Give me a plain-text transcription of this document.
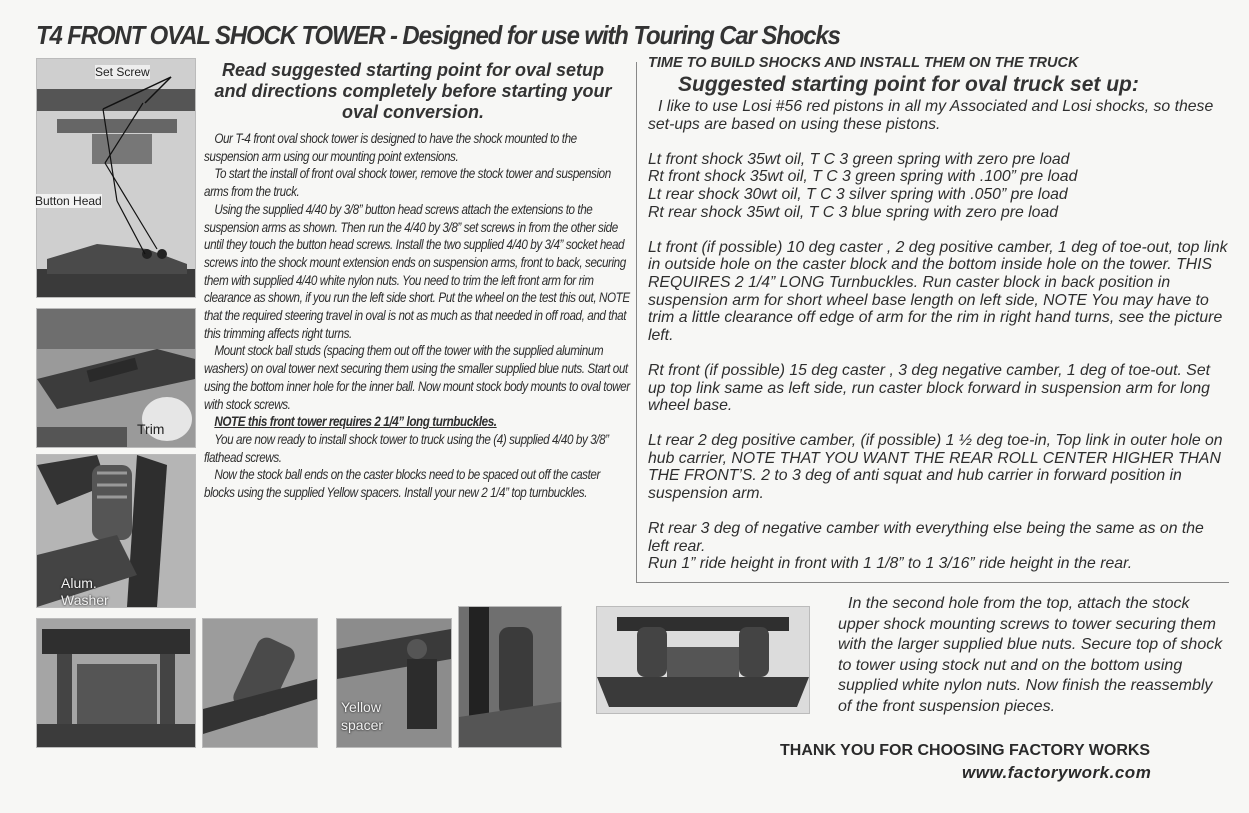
T4 FRONT OVAL SHOCK TOWER - Designed for use with Touring Car Shocks
Set Screw
Button Head
Trim
Alum.
Washer
Yellow
spacer
Read suggested starting point for oval setup and directions completely before starting your oval conversion.

Our T-4 front oval shock tower is designed to have the shock mounted to the suspension arm using our mounting point extensions.

To start the install of front oval shock tower, remove the stock tower and suspension arms from the truck.

Using the supplied 4/40 by 3/8” button head screws attach the extensions to the suspension arms as shown. Then run the 4/40 by 3/8” set screws in from the other side until they touch the button head screws. Install the two supplied 4/40 by 3/4” socket head screws into the shock mount extension ends on suspension arms, front to back, securing them with supplied 4/40 white nylon nuts. You need to trim the left front arm for rim clearance as shown, if you run the left side short. Put the wheel on the test this out, NOTE that the required steering travel in oval is not as much as that needed in off road, and that this trimming affects right turns.

Mount stock ball studs (spacing them out off the tower with the supplied aluminum washers) on oval tower next securing them using the smaller supplied blue nuts. Start out using the bottom inner hole for the inner ball. Now mount stock body mounts to oval tower with stock screws.

NOTE this front tower requires 2 1/4” long turnbuckles.

You are now ready to install shock tower to truck using the (4) supplied 4/40 by 3/8” flathead screws.

Now the stock ball ends on the caster blocks need to be spaced out off the caster blocks using the supplied Yellow spacers. Install your new 2 1/4” top turnbuckles.

TIME TO BUILD SHOCKS AND INSTALL THEM ON THE TRUCK
Suggested starting point for oval truck set up:

I like to use Losi #56 red pistons in all my Associated and Losi shocks, so these set-ups are based on using these pistons.

Lt front shock 35wt oil, T C 3 green spring with zero pre load
Rt front shock 35wt oil, T C 3 green spring with .100” pre load
Lt rear shock 30wt oil, T C 3 silver spring with .050” pre load
Rt rear shock 35wt oil, T C 3 blue spring with zero pre load

Lt front (if possible) 10 deg caster , 2 deg positive camber, 1 deg of toe-out, top link in outside hole on the caster block and the bottom inside hole on the tower. THIS REQUIRES 2 1/4” LONG Turnbuckles. Run caster block in back position in suspension arm for short wheel base length on left side, NOTE You may have to trim a little clearance off edge of arm for the rim in right hand turns, see the picture left.

Rt front (if possible) 15 deg caster , 3 deg negative camber, 1 deg of toe-out. Set up top link same as left side, run caster block forward in suspension arm for long wheel base.

Lt rear 2 deg positive camber, (if possible) 1 ½ deg toe-in, Top link in outer hole on hub carrier, NOTE THAT YOU WANT THE REAR ROLL CENTER HIGHER THAN THE FRONT’S. 2 to 3 deg of anti squat and hub carrier in forward position in suspension arm.

Rt rear 3 deg of negative camber with everything else being the same as on the left rear.
Run 1” ride height in front with 1 1/8” to 1 3/16” ride height in the rear.

In the second hole from the top, attach the stock upper shock mounting screws to tower securing them with the larger supplied blue nuts. Secure top of shock to tower using stock nut and on the bottom using supplied white nylon nuts. Now finish the reassembly of the front suspension pieces.
THANK YOU FOR CHOOSING FACTORY WORKS
www.factorywork.com
